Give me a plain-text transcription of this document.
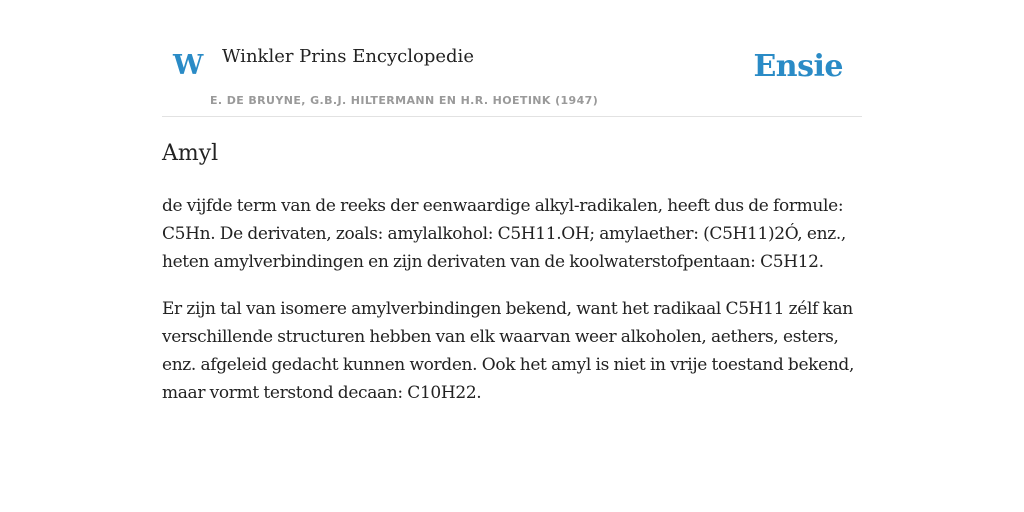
W Winkler Prins Encyclopedie
E. DE BRUYNE, G.B.J. HILTERMANN EN H.R. HOETINK (1947)
Ensie
Amyl

de vijfde term van de reeks der eenwaardige alkyl-radikalen, heeft dus de formule: C5Hn. De derivaten, zoals: amylalkohol: C5H11.OH; amylaether: (C5H11)2Ó, enz., heten amylverbindingen en zijn derivaten van de koolwaterstofpentaan: C5H12.

Er zijn tal van isomere amylverbindingen bekend, want het radikaal C5H11 zélf kan verschillende structuren hebben van elk waarvan weer alkoholen, aethers, esters, enz. afgeleid gedacht kunnen worden. Ook het amyl is niet in vrije toestand bekend, maar vormt terstond decaan: C10H22.
